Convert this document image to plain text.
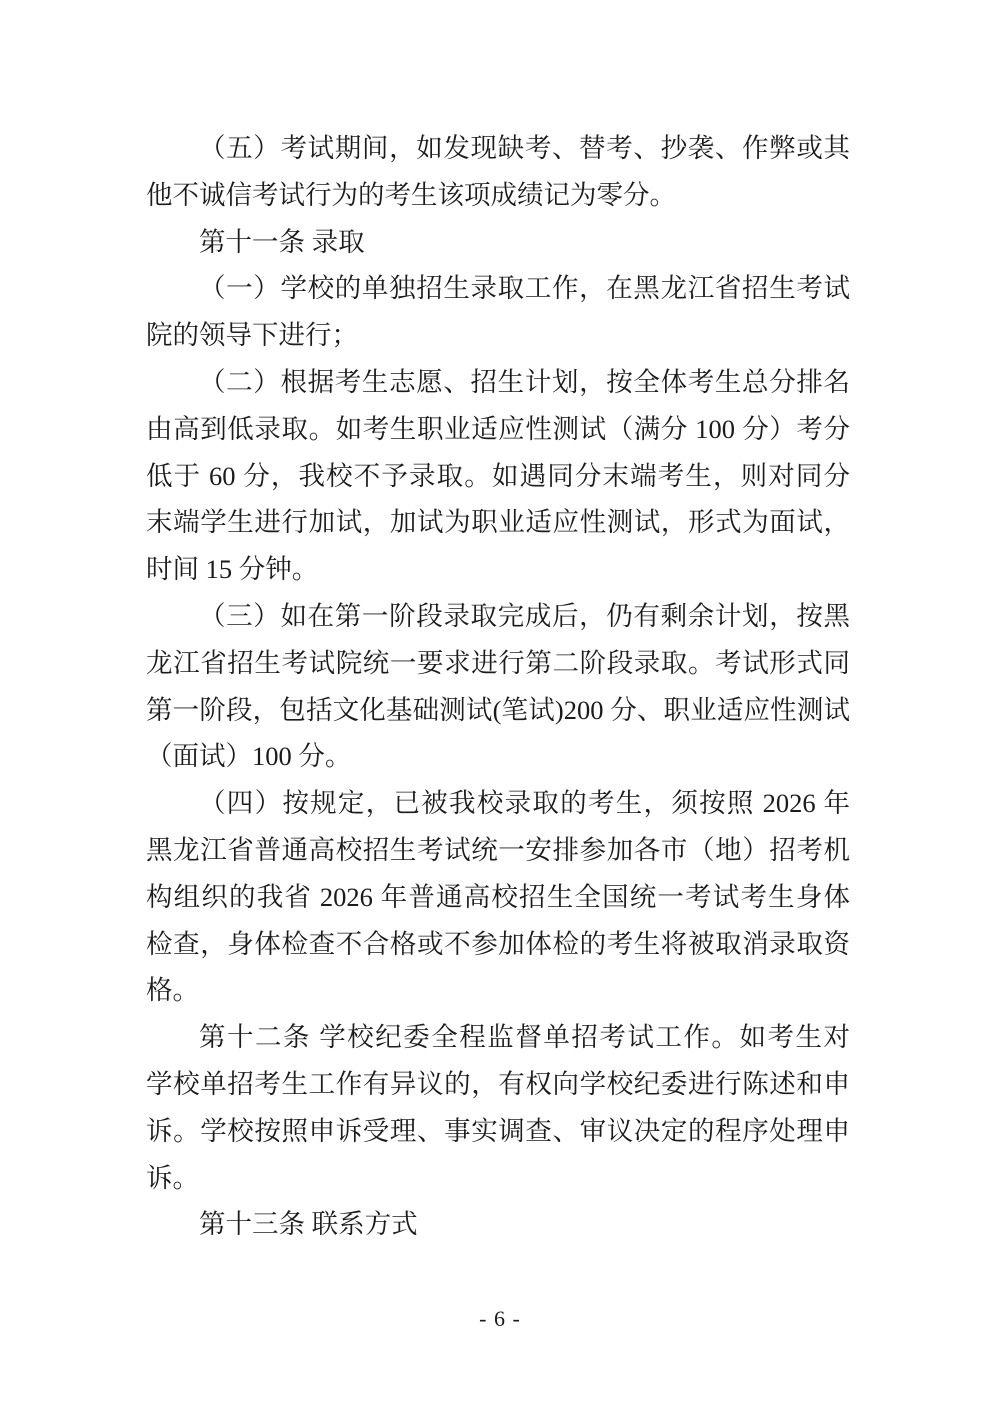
（五）考试期间，如发现缺考、替考、抄袭、作弊或其
他不诚信考试行为的考生该项成绩记为零分。
第十一条 录取
（一）学校的单独招生录取工作，在黑龙江省招生考试
院的领导下进行；
（二）根据考生志愿、招生计划，按全体考生总分排名
由高到低录取。如考生职业适应性测试（满分 100 分）考分
低于 60 分，我校不予录取。如遇同分末端考生，则对同分
末端学生进行加试，加试为职业适应性测试，形式为面试，
时间 15 分钟。
（三）如在第一阶段录取完成后，仍有剩余计划，按黑
龙江省招生考试院统一要求进行第二阶段录取。考试形式同
第一阶段，包括文化基础测试(笔试)200 分、职业适应性测试
（面试）100 分。
（四）按规定，已被我校录取的考生，须按照 2026 年
黑龙江省普通高校招生考试统一安排参加各市（地）招考机
构组织的我省 2026 年普通高校招生全国统一考试考生身体
检查，身体检查不合格或不参加体检的考生将被取消录取资
格。
第十二条 学校纪委全程监督单招考试工作。如考生对
学校单招考生工作有异议的，有权向学校纪委进行陈述和申
诉。学校按照申诉受理、事实调查、审议决定的程序处理申
诉。
第十三条 联系方式
- 6 -
